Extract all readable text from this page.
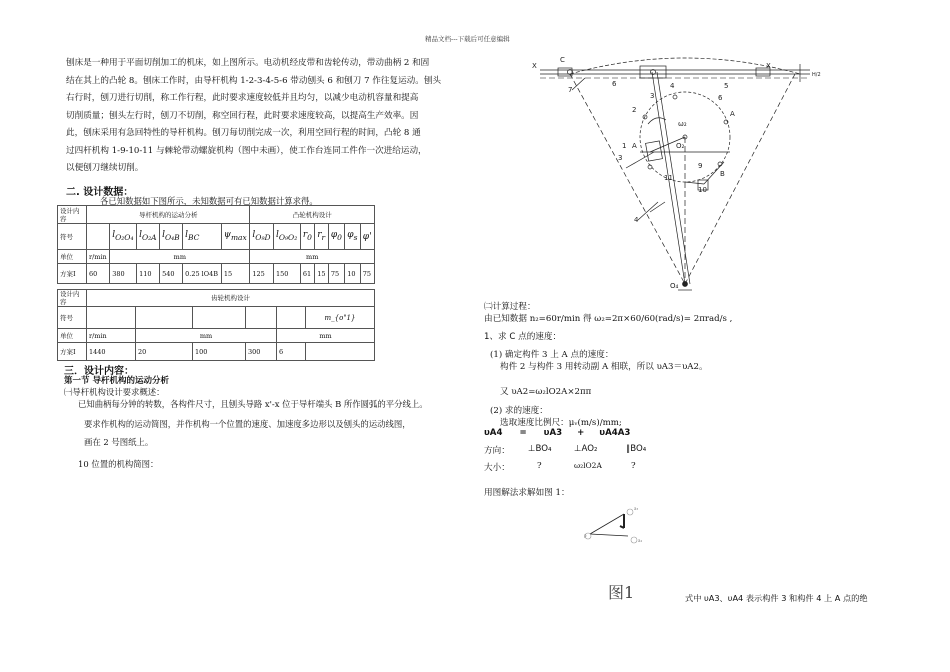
精品文档---下载后可任意编辑

刨床是一种用于平面切削加工的机床，如上图所示。电动机经皮带和齿轮传动，带动曲柄 2 和固

结在其上的凸轮 8。刨床工作时，由导杆机构 1-2-3-4-5-6 带动刨头 6 和刨刀 7 作往复运动。刨头

右行时，刨刀进行切削，称工作行程，此时要求速度较低并且均匀，以减少电动机容量和提高

切削质量；刨头左行时，刨刀不切削，称空回行程，此时要求速度较高，以提高生产效率。因

此，刨床采用有急回特性的导杆机构。刨刀每切削完成一次，利用空回行程的时间，凸轮 8 通

过四杆机构 1-9-10-11 与棘轮带动螺旋机构（图中未画），使工作台连同工件作一次进给运动，

以便刨刀继续切削。

二. 设计数据：
各已知数据如下图所示，未知数据可有已知数据计算求得。
设计内容	导杆机构的运动分析						凸轮机构设计						
符号		$l_{O_2O_4}$	$l_{O_2A}$	$l_{O_4B}$	$l_{BC}$	$\psi_{max}$	$l_{O_9D}$	$l_{O_9O_2}$	$r_0$	$r_r$	$\varphi_0$	$\varphi_s$	φ'
单位	r/min	mm					mm						
方案Ⅰ	60	380	110	540	0.25 lO4B	15	125	150	61	15	75	10	75
设计内容	齿轮机构设计					
符号						m_{o"1}
单位	r/min	mm			mm	
方案Ⅰ	1440	20	100	300	6	
三．设计内容：
第一节 导杆机构的运动分析
㈠导杆机构设计要求概述：
已知曲柄每分钟的转数，各构件尺寸，且刨头导路 x'-x 位于导杆端头 B 所作圆弧的平分线上。
要求作机构的运动简图，并作机构一个位置的速度、加速度多边形以及刨头的运动线图，
画在 2 号图纸上。
10 位置的机构简图：
㈡计算过程：
由已知数据 n₂=60r/min 得 ω₂=2π×60/60(rad/s)= 2πrad/s ,
1、求 C 点的速度：
(1) 确定构件 3 上 A 点的速度：
构件 2 与构件 3 用转动副 A 相联，所以 υA3＝υA2。
又 υA2=ω₂lO2A×2ππ
(2) 求的速度：
选取速度比例尺：μᵥ(m/s)/mm;
υA4 = υA3 + υA4A3
方向： ⊥BO₄	⊥AO₂	∥BO₄
大小：	?	ω₂lO2A	?
用图解法求解如图 1：
P
a₃
a₄
图1	式中 υA3、υA4 表示构件 3 和构件 4 上 A 点的绝
X	X
C
H/2
7
6	5
4
3	6
2	A
1
3
A
9
B
11
10
4
O₂
ω₂
O₄
